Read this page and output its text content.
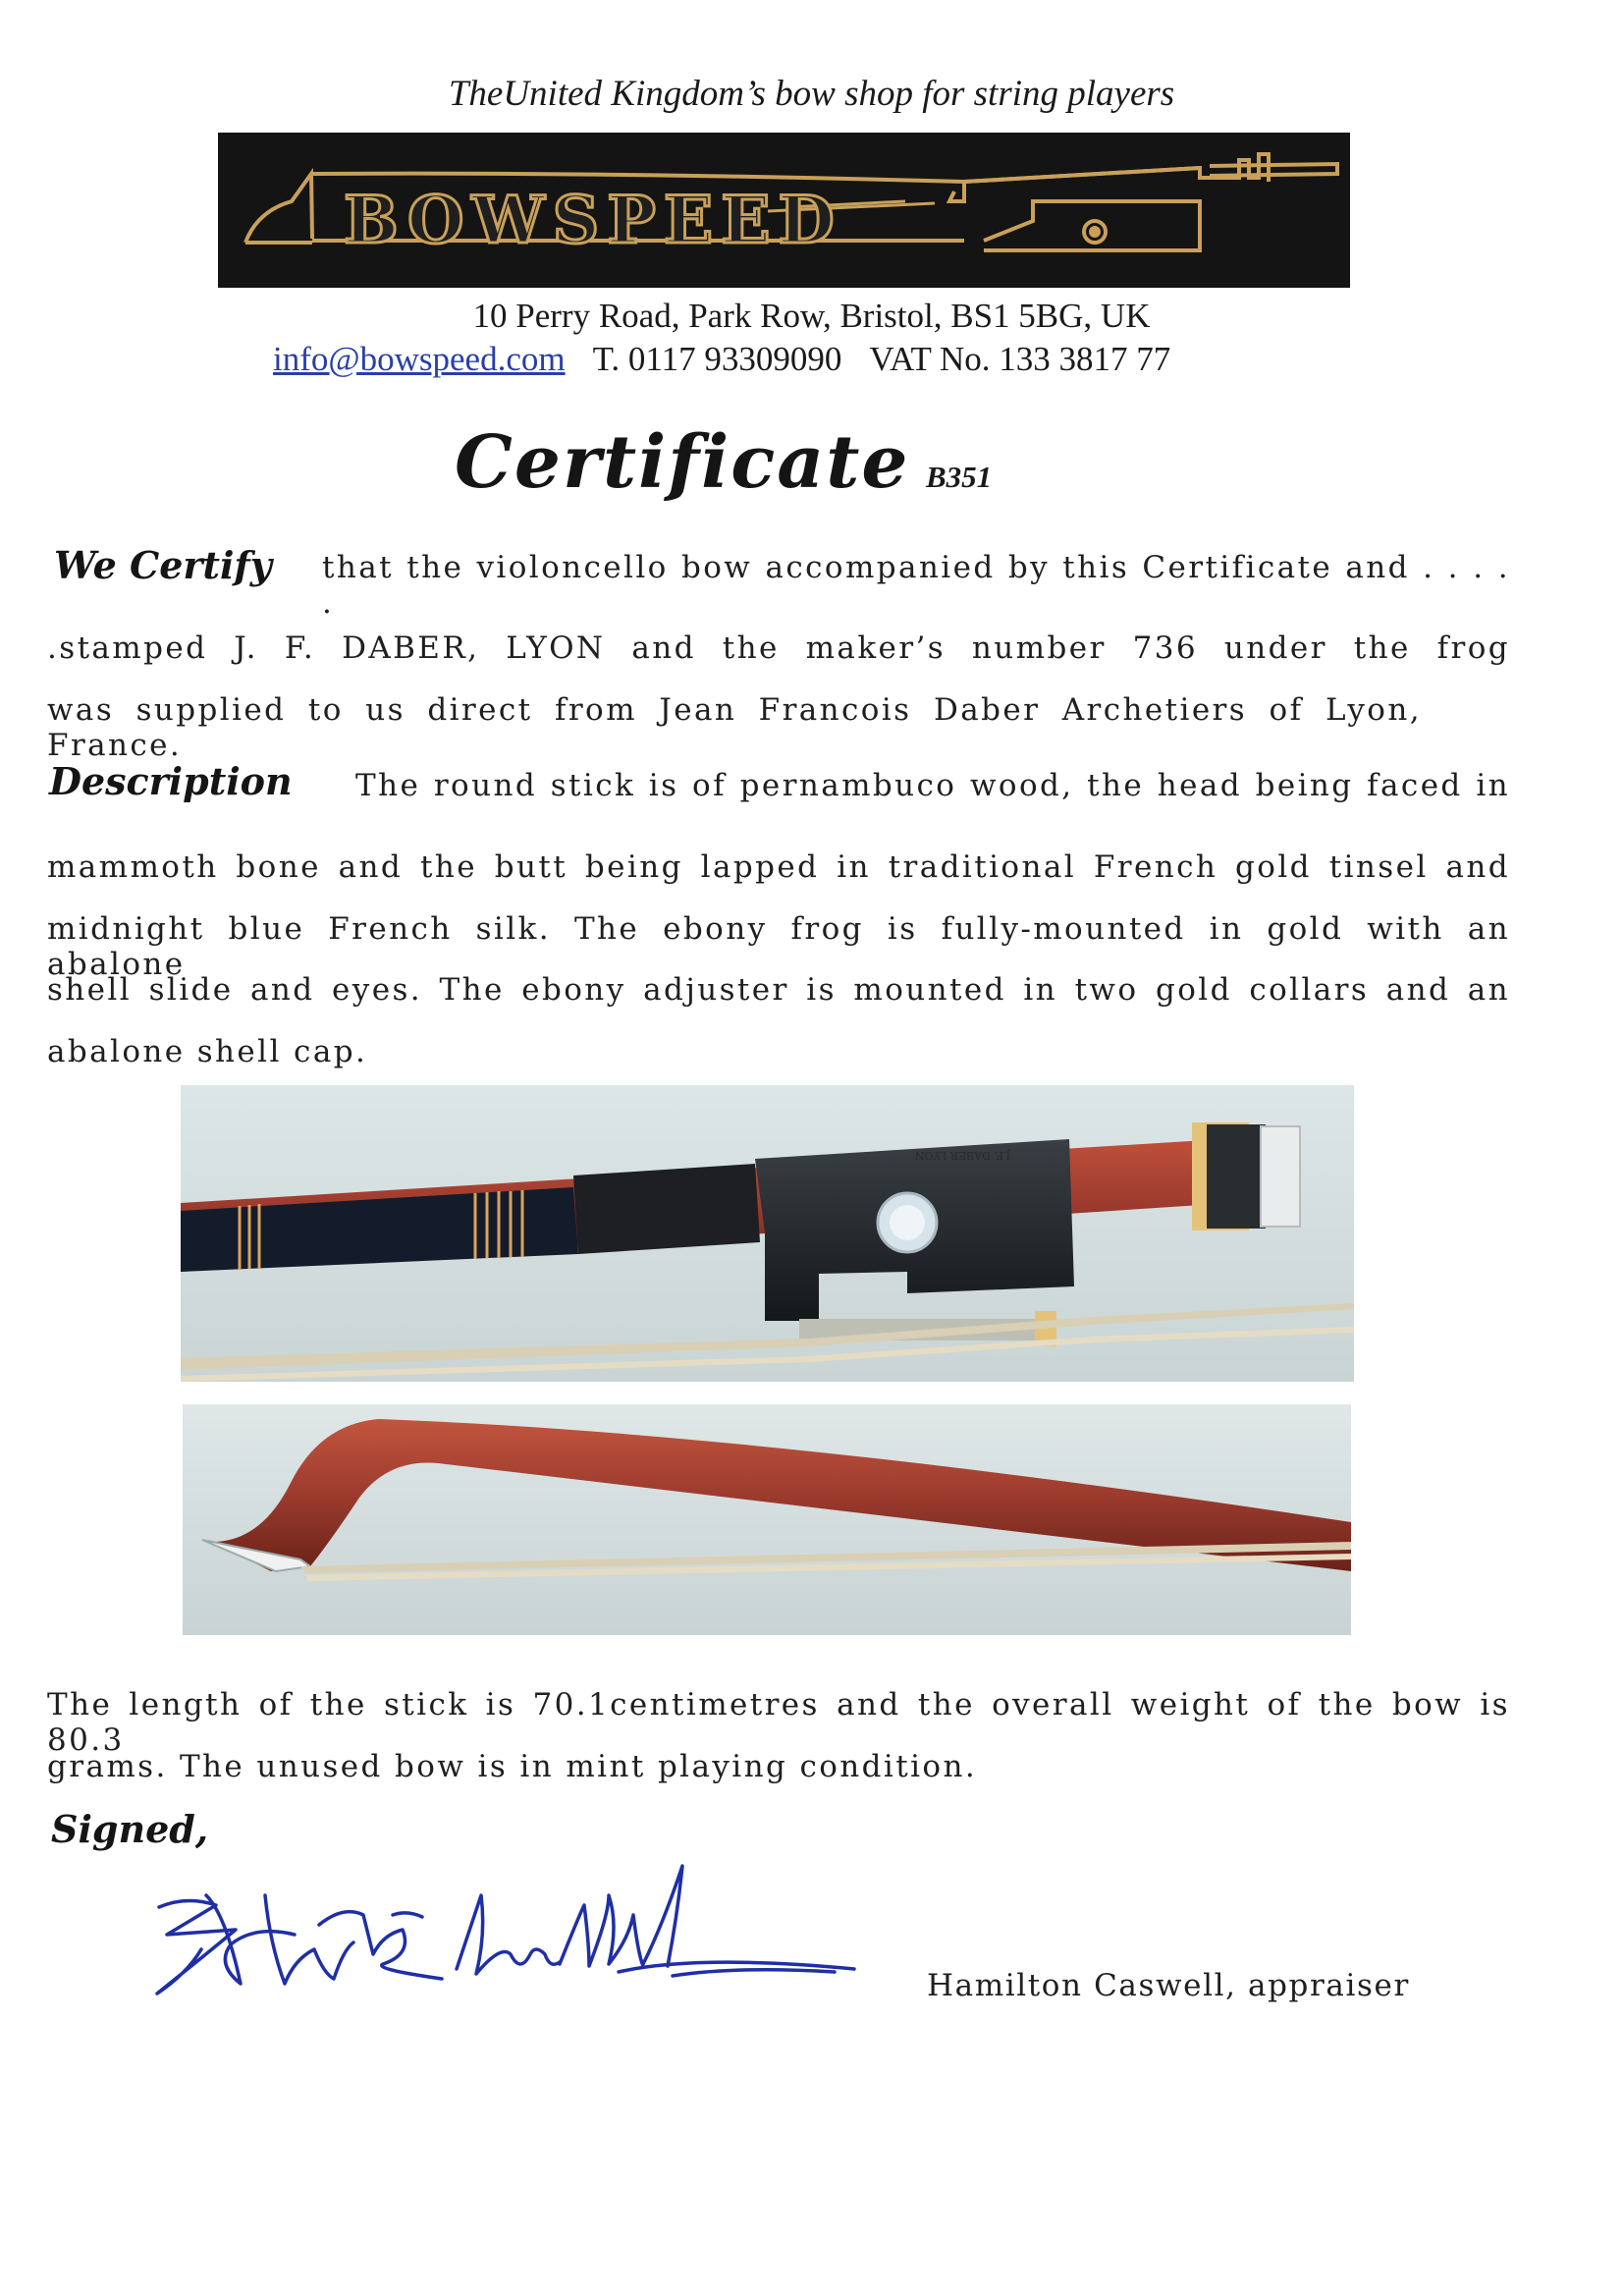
TheUnited Kingdom’s bow shop for string players
BOWSPEED
10 Perry Road, Park Row, Bristol, BS1 5BG, UK
info@bowspeed.com T. 0117 93309090 VAT No. 133 3817 77
Certificate B351
We Certify that the violoncello bow accompanied by this Certificate and . . . . .
.stamped J. F. DABER, LYON and the maker’s number 736 under the frog
was supplied to us direct from Jean Francois Daber Archetiers of Lyon, France.
Description The round stick is of pernambuco wood, the head being faced in
mammoth bone and the butt being lapped in traditional French gold tinsel and
midnight blue French silk. The ebony frog is fully-mounted in gold with an abalone
shell slide and eyes. The ebony adjuster is mounted in two gold collars and an
abalone shell cap.
J.F. DABER LYON
The length of the stick is 70.1centimetres and the overall weight of the bow is 80.3
grams. The unused bow is in mint playing condition.
Signed,
Hamilton Caswell, appraiser
